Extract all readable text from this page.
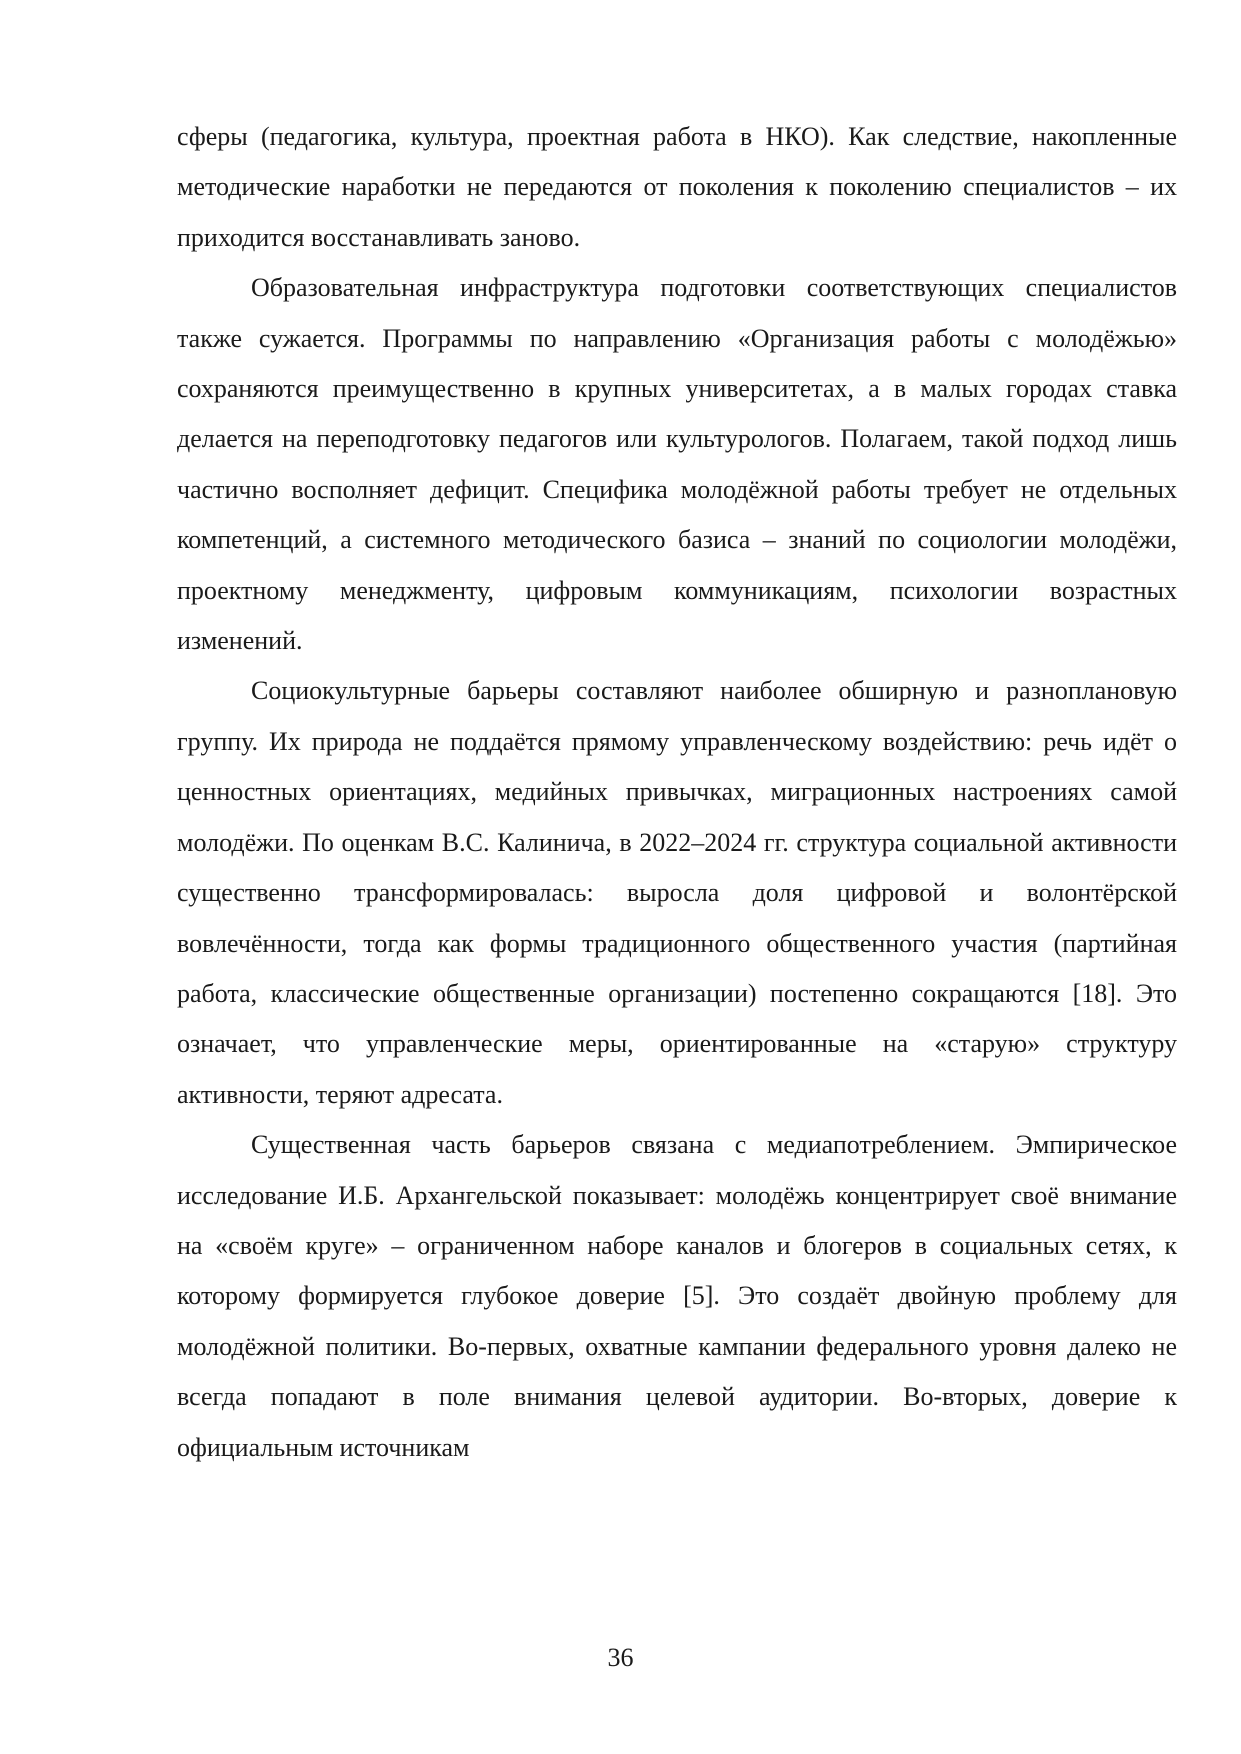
сферы (педагогика, культура, проектная работа в НКО). Как следствие, накопленные методические наработки не передаются от поколения к поколению специалистов – их приходится восстанавливать заново.

Образовательная инфраструктура подготовки соответствующих специалистов также сужается. Программы по направлению «Организация работы с молодёжью» сохраняются преимущественно в крупных университетах, а в малых городах ставка делается на переподготовку педагогов или культурологов. Полагаем, такой подход лишь частично восполняет дефицит. Специфика молодёжной работы требует не отдельных компетенций, а системного методического базиса – знаний по социологии молодёжи, проектному менеджменту, цифровым коммуникациям, психологии возрастных изменений.

Социокультурные барьеры составляют наиболее обширную и разноплановую группу. Их природа не поддаётся прямому управленческому воздействию: речь идёт о ценностных ориентациях, медийных привычках, миграционных настроениях самой молодёжи. По оценкам В.С. Калинича, в 2022–2024 гг. структура социальной активности существенно трансформировалась: выросла доля цифровой и волонтёрской вовлечённости, тогда как формы традиционного общественного участия (партийная работа, классические общественные организации) постепенно сокращаются [18]. Это означает, что управленческие меры, ориентированные на «старую» структуру активности, теряют адресата.

Существенная часть барьеров связана с медиапотреблением. Эмпирическое исследование И.Б. Архангельской показывает: молодёжь концентрирует своё внимание на «своём круге» – ограниченном наборе каналов и блогеров в социальных сетях, к которому формируется глубокое доверие [5]. Это создаёт двойную проблему для молодёжной политики. Во-первых, охватные кампании федерального уровня далеко не всегда попадают в поле внимания целевой аудитории. Во-вторых, доверие к официальным источникам

36
